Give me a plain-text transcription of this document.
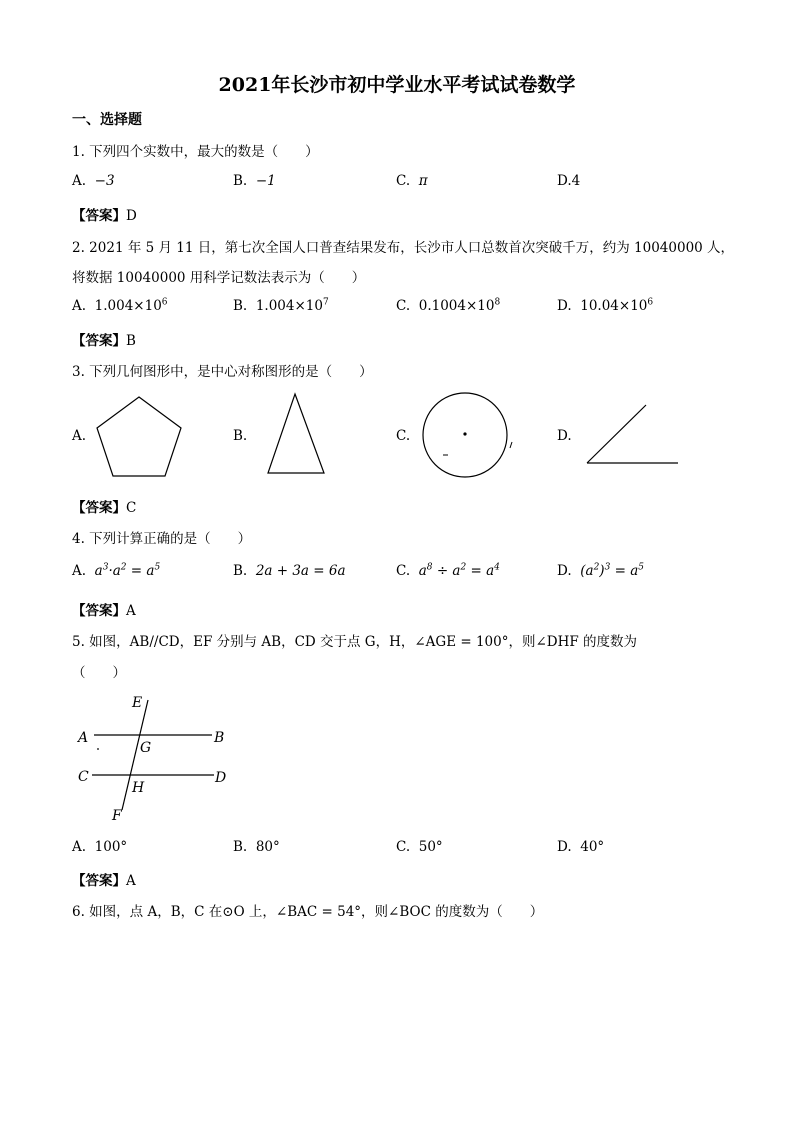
2021年长沙市初中学业水平考试试卷数学
一、选择题
1. 下列四个实数中，最大的数是（　　）
A. −3	B. −1	C. π	D.4
【答案】D
2. 2021 年 5 月 11 日，第七次全国人口普查结果发布，长沙市人口总数首次突破千万，约为 10040000 人，
将数据 10040000 用科学记数法表示为（　　）
A. $1.004\times 10^6$	B. $1.004\times 10^7$	C. $0.1004\times 10^8$	D. $10.04\times 10^6$
【答案】B
3. 下列几何图形中，是中心对称图形的是（　　）
A.	B.	C.	D.
【答案】C
4. 下列计算正确的是（　　）
A. $a^3\cdot a^2 = a^5$	B. 2a + 3a = 6a	C. $a^8 \div a^2 = a^4$	D. $(a^2)^3 = a^5$
【答案】A
5. 如图，AB//CD，EF 分别与 AB，CD 交于点 G，H，∠AGE = 100°，则∠DHF 的度数为
（　　）
E
A
G
B
C
H
D
F
A. 100°	B. 80°	C. 50°	D. 40°
【答案】A
6. 如图，点 A，B，C 在⊙O 上，∠BAC = 54°，则∠BOC 的度数为（　　）
